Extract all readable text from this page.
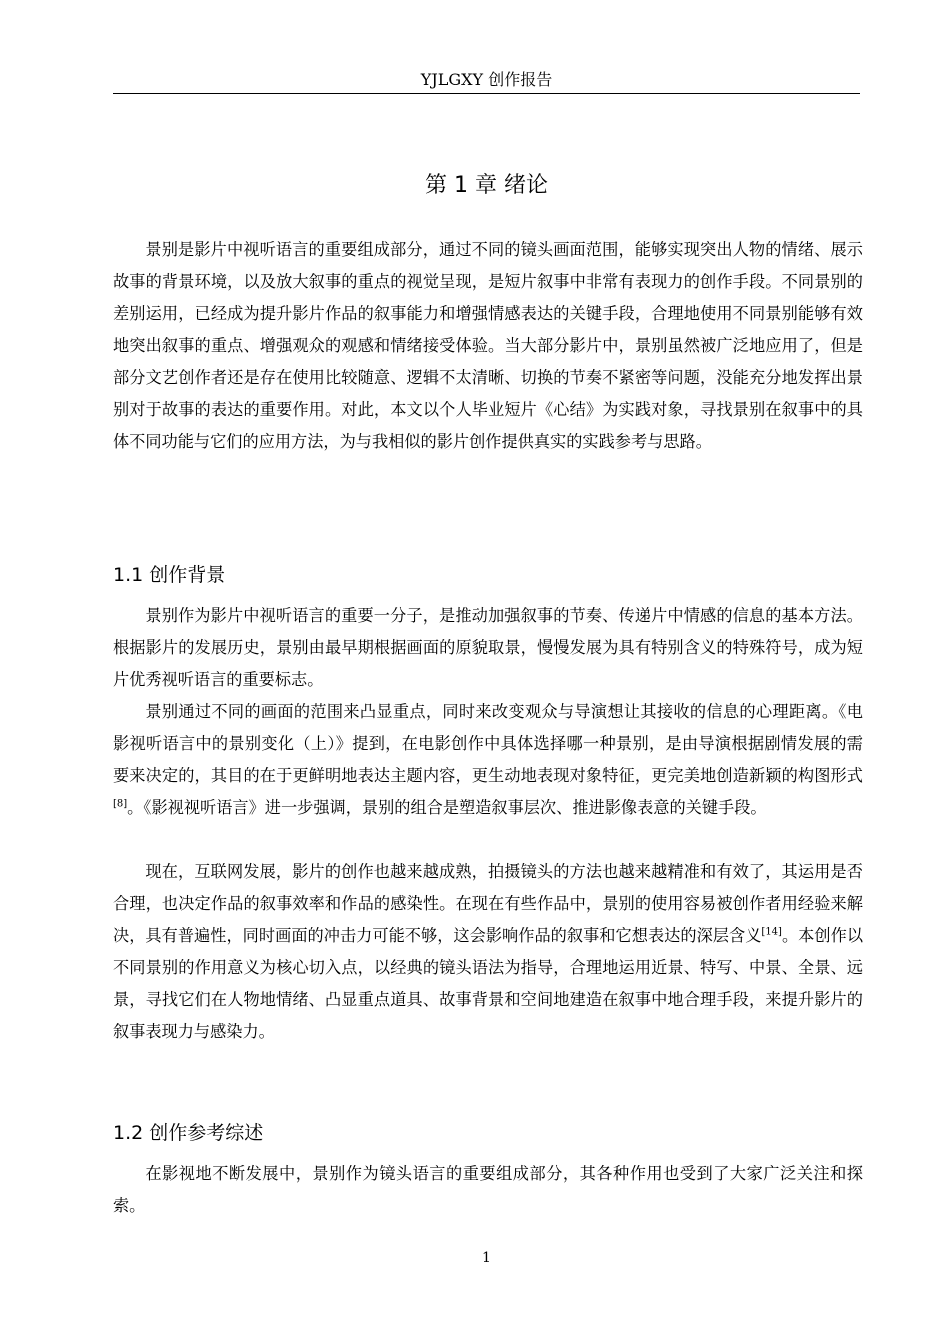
YJLGXY 创作报告
第 1 章 绪论

景别是影片中视听语言的重要组成部分，通过不同的镜头画面范围，能够实现突出人物的情绪、展示故事的背景环境，以及放大叙事的重点的视觉呈现，是短片叙事中非常有表现力的创作手段。不同景别的差别运用，已经成为提升影片作品的叙事能力和增强情感表达的关键手段，合理地使用不同景别能够有效地突出叙事的重点、增强观众的观感和情绪接受体验。当大部分影片中，景别虽然被广泛地应用了，但是部分文艺创作者还是存在使用比较随意、逻辑不太清晰、切换的节奏不紧密等问题，没能充分地发挥出景别对于故事的表达的重要作用。对此，本文以个人毕业短片《心结》为实践对象，寻找景别在叙事中的具体不同功能与它们的应用方法，为与我相似的影片创作提供真实的实践参考与思路。

1.1 创作背景

景别作为影片中视听语言的重要一分子，是推动加强叙事的节奏、传递片中情感的信息的基本方法。根据影片的发展历史，景别由最早期根据画面的原貌取景，慢慢发展为具有特别含义的特殊符号，成为短片优秀视听语言的重要标志。

景别通过不同的画面的范围来凸显重点，同时来改变观众与导演想让其接收的信息的心理距离。《电影视听语言中的景别变化（上）》提到，在电影创作中具体选择哪一种景别，是由导演根据剧情发展的需要来决定的，其目的在于更鲜明地表达主题内容，更生动地表现对象特征，更完美地创造新颖的构图形式[8]。《影视视听语言》进一步强调，景别的组合是塑造叙事层次、推进影像表意的关键手段。

现在，互联网发展，影片的创作也越来越成熟，拍摄镜头的方法也越来越精准和有效了，其运用是否合理，也决定作品的叙事效率和作品的感染性。在现在有些作品中，景别的使用容易被创作者用经验来解决，具有普遍性，同时画面的冲击力可能不够，这会影响作品的叙事和它想表达的深层含义[14]。本创作以不同景别的作用意义为核心切入点，以经典的镜头语法为指导，合理地运用近景、特写、中景、全景、远景，寻找它们在人物地情绪、凸显重点道具、故事背景和空间地建造在叙事中地合理手段，来提升影片的叙事表现力与感染力。

1.2 创作参考综述

在影视地不断发展中，景别作为镜头语言的重要组成部分，其各种作用也受到了大家广泛关注和探索。

1
